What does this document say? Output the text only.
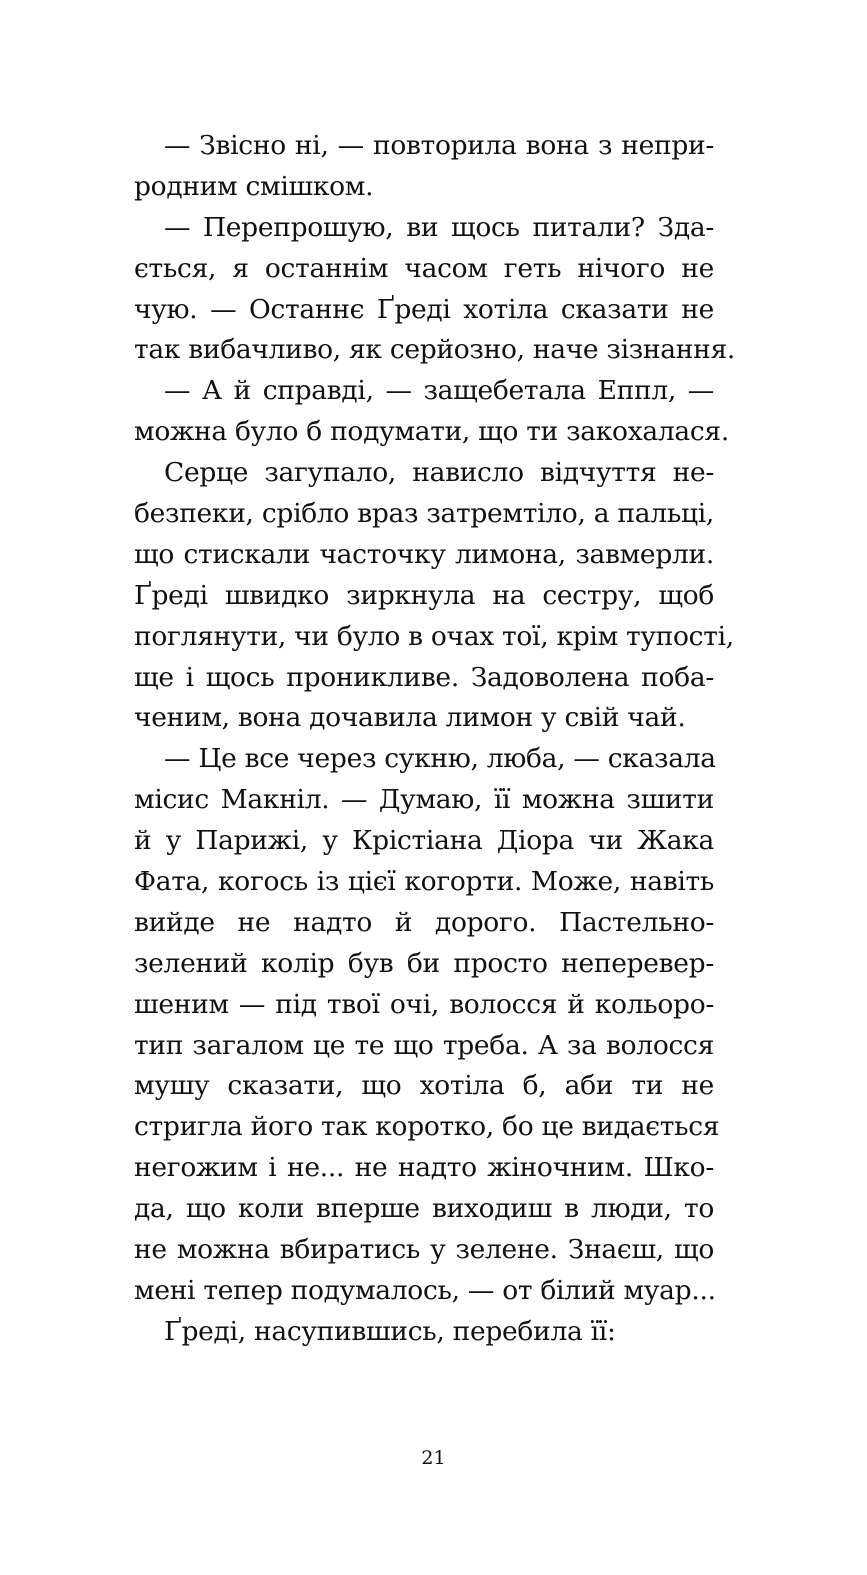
— Звісно ні, — повторила вона з непри-
родним смішком.
— Перепрошую, ви щось питали? Зда-
ється, я останнім часом геть нічого не
чую. — Останнє Ґреді хотіла сказати не
так вибачливо, як серйозно, наче зізнання.
— А й справді, — защебетала Еппл, —
можна було б подумати, що ти закохалася.
Серце загупало, нависло відчуття не-
безпеки, срібло враз затремтіло, а пальці,
що стискали часточку лимона, завмерли.
Ґреді швидко зиркнула на сестру, щоб
поглянути, чи було в очах тої, крім тупості,
ще і щось проникливе. Задоволена поба-
ченим, вона дочавила лимон у свій чай.
— Це все через сукню, люба, — сказала
місис Макніл. — Думаю, її можна зшити
й у Парижі, у Крістіана Діора чи Жака
Фата, когось із цієї когорти. Може, навіть
вийде не надто й дорого. Пастельно-
зелений колір був би просто неперевер-
шеним — під твої очі, волосся й кольоро-
тип загалом це те що треба. А за волосся
мушу сказати, що хотіла б, аби ти не
стригла його так коротко, бо це видається
негожим і не... не надто жіночним. Шко-
да, що коли вперше виходиш в люди, то
не можна вбиратись у зелене. Знаєш, що
мені тепер подумалось, — от білий муар...
Ґреді, насупившись, перебила її:
21
